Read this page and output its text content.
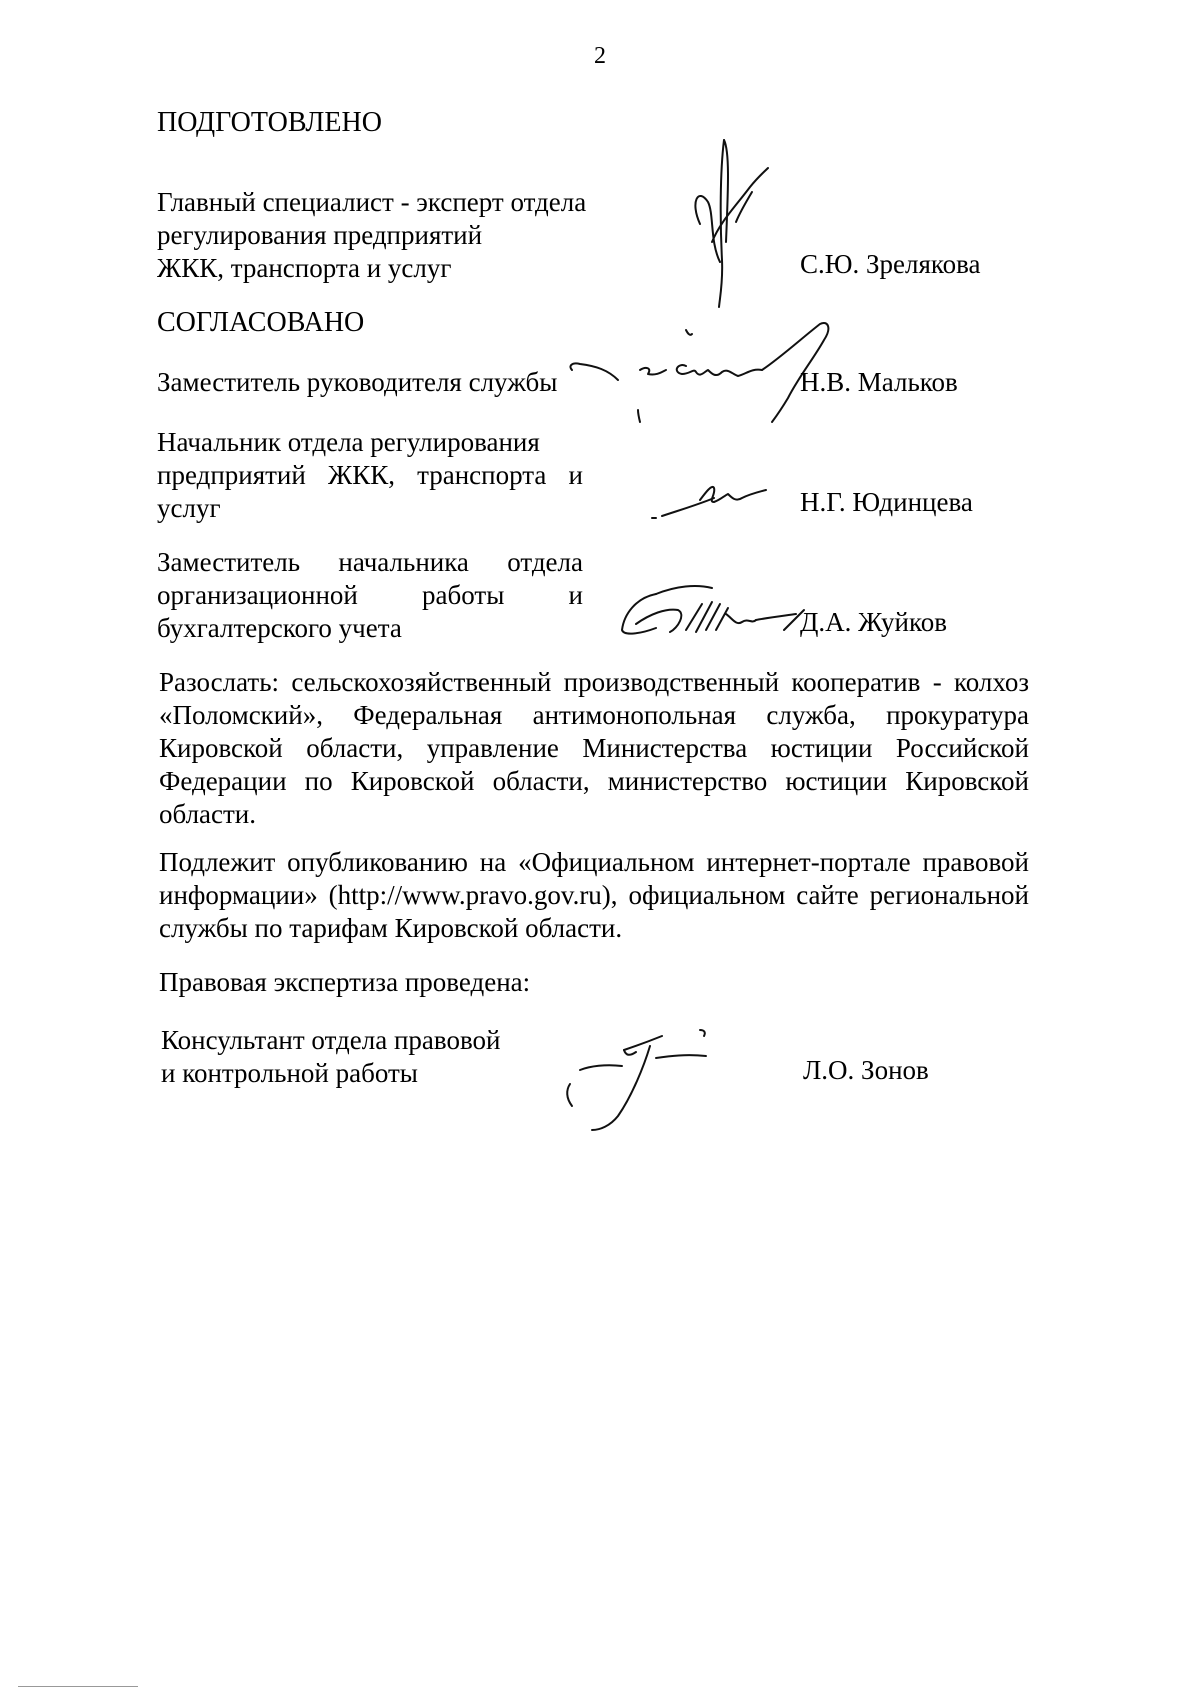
2
ПОДГОТОВЛЕНО
Главный специалист - эксперт отдела
регулирования предприятий
ЖКК, транспорта и услуг	С.Ю. Зрелякова
СОГЛАСОВАНО
Заместитель руководителя службы	Н.В. Мальков
Начальник отдела регулирования
предприятий ЖКК, транспорта и
услуг	Н.Г. Юдинцева
Заместитель начальника отдела
организационной работы и
бухгалтерского учета	Д.А. Жуйков
Разослать: сельскохозяйственный производственный кооператив - колхоз
«Поломский», Федеральная антимонопольная служба, прокуратура
Кировской области, управление Министерства юстиции Российской
Федерации по Кировской области, министерство юстиции Кировской
области.
Подлежит опубликованию на «Официальном интернет-портале правовой
информации» (http://www.pravo.gov.ru), официальном сайте региональной
службы по тарифам Кировской области.
Правовая экспертиза проведена:
Консультант отдела правовой
и контрольной работы	Л.О. Зонов
